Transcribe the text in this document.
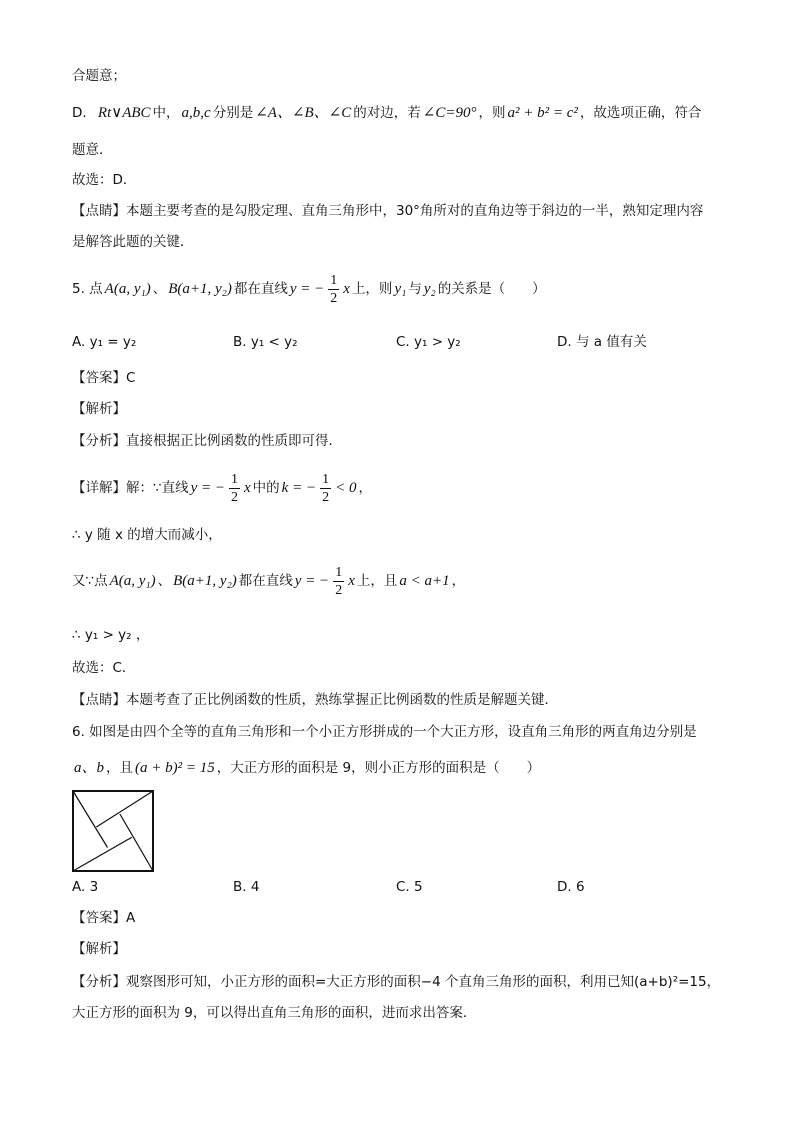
合题意；
D． Rt∨ABC 中， a,b,c 分别是 ∠A、∠B、∠C 的对边，若 ∠C=90° ，则 a² + b² = c² ，故选项正确，符合
题意．
故选：D．
【点睛】本题主要考查的是勾股定理、直角三角形中，30°角所对的直角边等于斜边的一半，熟知定理内容
是解答此题的关键．
5. 点 A(a, y₁) 、 B(a+1, y₂) 都在直线 y = − $\frac{1}{2}$ x 上，则 y₁ 与 y₂ 的关系是（　　）
A. y₁ = y₂	B. y₁ < y₂	C. y₁ > y₂	D. 与 a 值有关
【答案】C
【解析】
【分析】直接根据正比例函数的性质即可得．
【详解】解：∵直线 y = − $\frac{1}{2}$ x 中的 k = − $\frac{1}{2} < 0$ ，
∴ y 随 x 的增大而减小，
又∵点 A(a, y₁) 、 B(a+1, y₂) 都在直线 y = − $\frac{1}{2}$ x 上，且 a < a+1 ，
∴ y₁ > y₂ ，
故选：C．
【点睛】本题考查了正比例函数的性质，熟练掌握正比例函数的性质是解题关键．
6. 如图是由四个全等的直角三角形和一个小正方形拼成的一个大正方形，设直角三角形的两直角边分别是
a、b ，且 (a + b)² = 15 ，大正方形的面积是 9，则小正方形的面积是（　　）
A. 3	B. 4	C. 5	D. 6
【答案】A
【解析】
【分析】观察图形可知，小正方形的面积=大正方形的面积−4 个直角三角形的面积，利用已知(a+b)²=15，
大正方形的面积为 9，可以得出直角三角形的面积，进而求出答案．
